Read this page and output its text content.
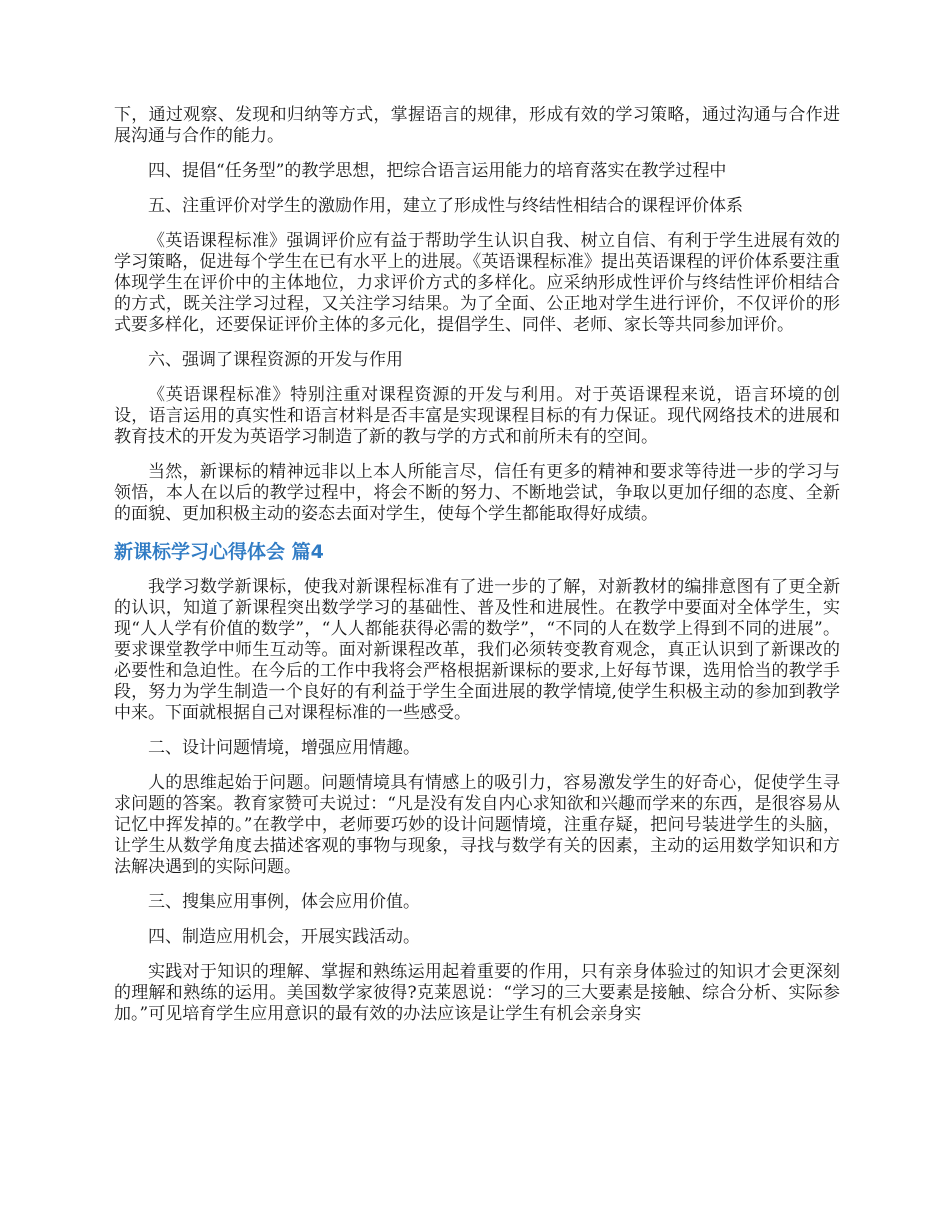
下，通过观察、发现和归纳等方式，掌握语言的规律，形成有效的学习策略，通过沟通与合作进展沟通与合作的能力。

四、提倡“任务型”的教学思想，把综合语言运用能力的培育落实在教学过程中

五、注重评价对学生的激励作用，建立了形成性与终结性相结合的课程评价体系

《英语课程标准》强调评价应有益于帮助学生认识自我、树立自信、有利于学生进展有效的学习策略，促进每个学生在已有水平上的进展。《英语课程标准》提出英语课程的评价体系要注重体现学生在评价中的主体地位，力求评价方式的多样化。应采纳形成性评价与终结性评价相结合的方式，既关注学习过程，又关注学习结果。为了全面、公正地对学生进行评价，不仅评价的形式要多样化，还要保证评价主体的多元化，提倡学生、同伴、老师、家长等共同参加评价。

六、强调了课程资源的开发与作用

《英语课程标准》特别注重对课程资源的开发与利用。对于英语课程来说，语言环境的创设，语言运用的真实性和语言材料是否丰富是实现课程目标的有力保证。现代网络技术的进展和教育技术的开发为英语学习制造了新的教与学的方式和前所未有的空间。

当然，新课标的精神远非以上本人所能言尽，信任有更多的精神和要求等待进一步的学习与领悟，本人在以后的教学过程中，将会不断的努力、不断地尝试，争取以更加仔细的态度、全新的面貌、更加积极主动的姿态去面对学生，使每个学生都能取得好成绩。

新课标学习心得体会 篇4

我学习数学新课标，使我对新课程标准有了进一步的了解，对新教材的编排意图有了更全新的认识，知道了新课程突出数学学习的基础性、普及性和进展性。在教学中要面对全体学生，实现“人人学有价值的数学”，“人人都能获得必需的数学”，“不同的人在数学上得到不同的进展”。要求课堂教学中师生互动等。面对新课程改革，我们必须转变教育观念，真正认识到了新课改的必要性和急迫性。在今后的工作中我将会严格根据新课标的要求,上好每节课，选用恰当的教学手段，努力为学生制造一个良好的有利益于学生全面进展的教学情境,使学生积极主动的参加到教学中来。下面就根据自己对课程标准的一些感受。

二、设计问题情境，增强应用情趣。

人的思维起始于问题。问题情境具有情感上的吸引力，容易激发学生的好奇心，促使学生寻求问题的答案。教育家赞可夫说过：“凡是没有发自内心求知欲和兴趣而学来的东西，是很容易从记忆中挥发掉的。”在教学中，老师要巧妙的设计问题情境，注重存疑，把问号装进学生的头脑，让学生从数学角度去描述客观的事物与现象，寻找与数学有关的因素，主动的运用数学知识和方法解决遇到的实际问题。

三、搜集应用事例，体会应用价值。

四、制造应用机会，开展实践活动。

实践对于知识的理解、掌握和熟练运用起着重要的作用，只有亲身体验过的知识才会更深刻的理解和熟练的运用。美国数学家彼得?克莱恩说：“学习的三大要素是接触、综合分析、实际参加。”可见培育学生应用意识的最有效的办法应该是让学生有机会亲身实
